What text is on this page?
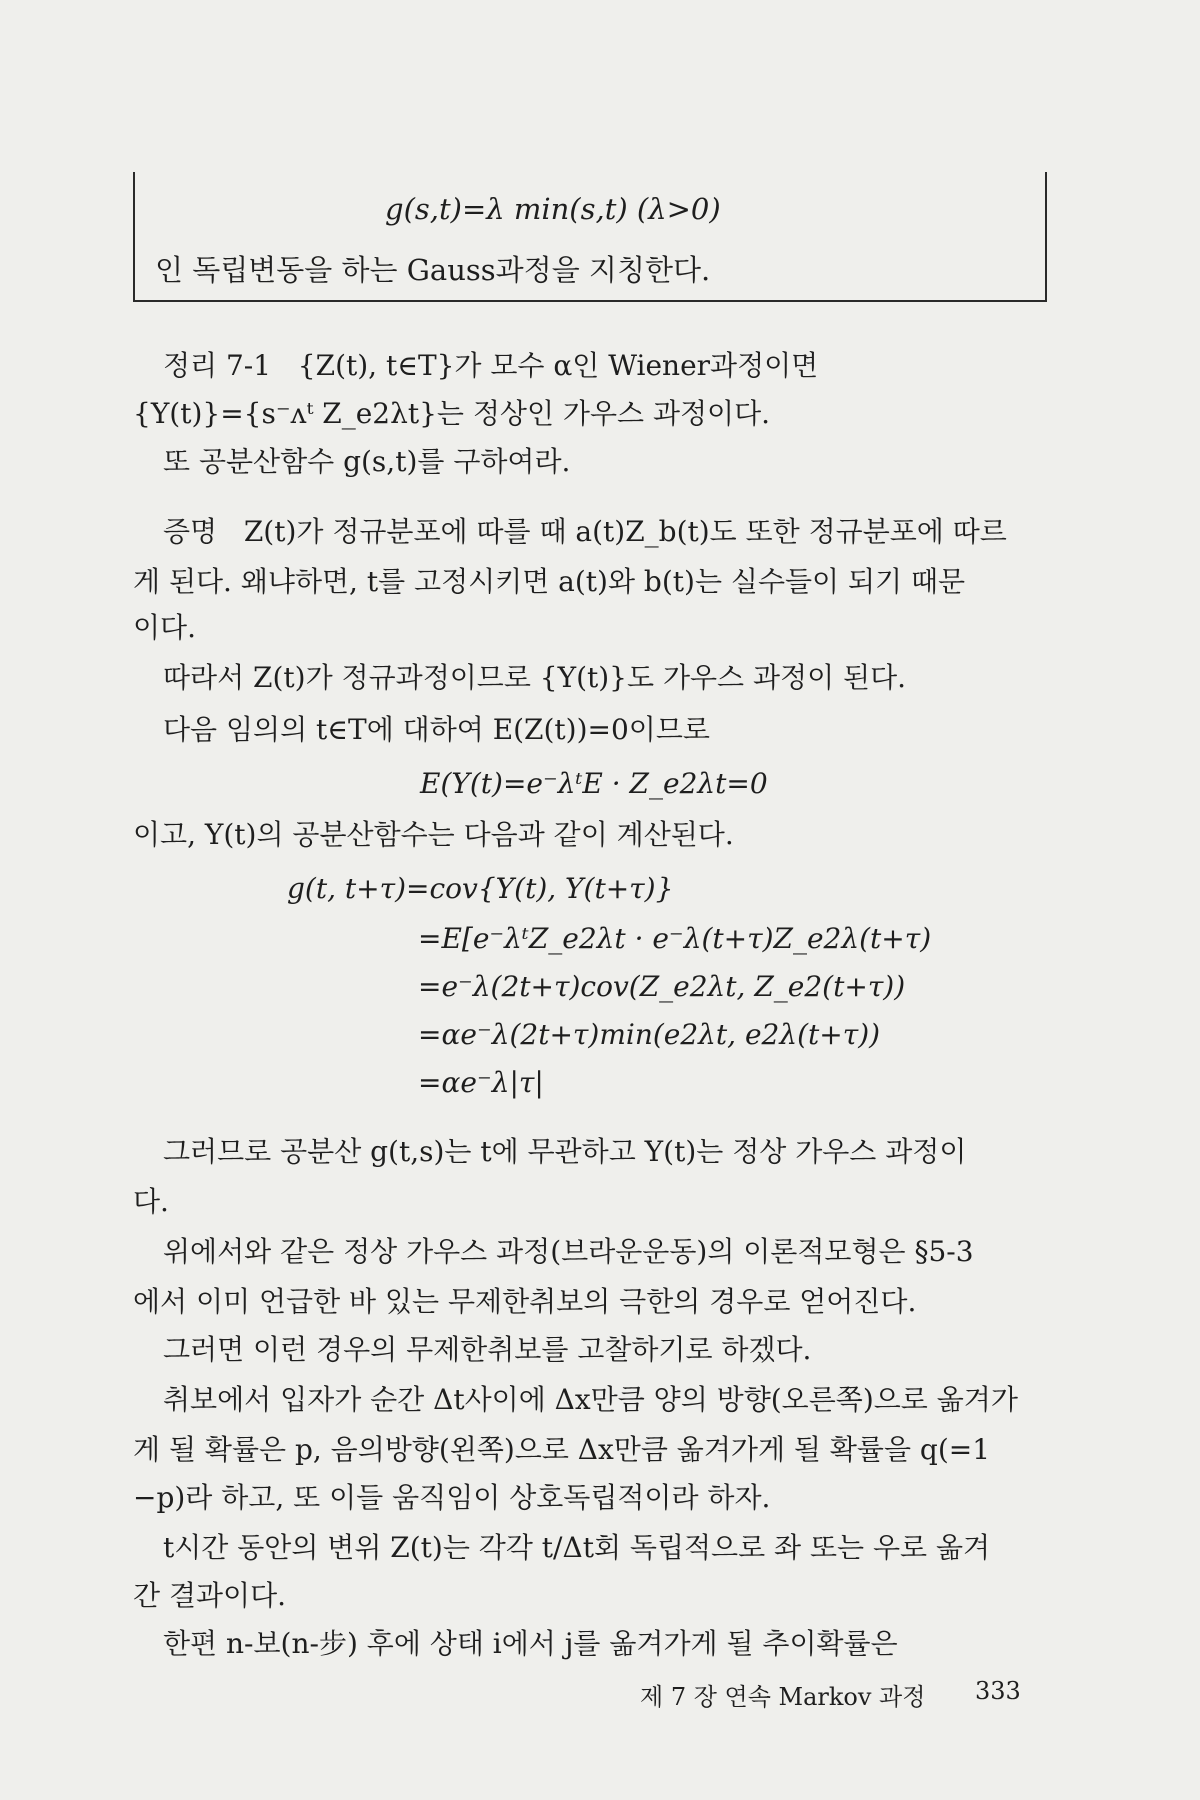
g(s,t)=λ min(s,t) (λ>0)
인 독립변동을 하는 Gauss과정을 지칭한다.
정리 7-1 {Z(t), t∈T}가 모수 α인 Wiener과정이면
{Y(t)}={s⁻ᴧᵗ Z_e2λt}는 정상인 가우스 과정이다.
또 공분산함수 g(s,t)를 구하여라.
증명 Z(t)가 정규분포에 따를 때 a(t)Z_b(t)도 또한 정규분포에 따르
게 된다. 왜냐하면, t를 고정시키면 a(t)와 b(t)는 실수들이 되기 때문
이다.
따라서 Z(t)가 정규과정이므로 {Y(t)}도 가우스 과정이 된다.
다음 임의의 t∈T에 대하여 E(Z(t))=0이므로
E(Y(t)=e⁻λᵗE · Z_e2λt=0
이고, Y(t)의 공분산함수는 다음과 같이 계산된다.
g(t, t+τ)=cov{Y(t), Y(t+τ)}
=E[e⁻λᵗZ_e2λt · e⁻λ(t+τ)Z_e2λ(t+τ)
=e⁻λ(2t+τ)cov(Z_e2λt, Z_e2(t+τ))
=αe⁻λ(2t+τ)min(e2λt, e2λ(t+τ))
=αe⁻λ|τ|
그러므로 공분산 g(t,s)는 t에 무관하고 Y(t)는 정상 가우스 과정이
다.
위에서와 같은 정상 가우스 과정(브라운운동)의 이론적모형은 §5-3
에서 이미 언급한 바 있는 무제한취보의 극한의 경우로 얻어진다.
그러면 이런 경우의 무제한취보를 고찰하기로 하겠다.
취보에서 입자가 순간 Δt사이에 Δx만큼 양의 방향(오른쪽)으로 옮겨가
게 될 확률은 p, 음의방향(왼쪽)으로 Δx만큼 옮겨가게 될 확률을 q(=1
−p)라 하고, 또 이들 움직임이 상호독립적이라 하자.
t시간 동안의 변위 Z(t)는 각각 t/Δt회 독립적으로 좌 또는 우로 옮겨
간 결과이다.
한편 n-보(n-步) 후에 상태 i에서 j를 옮겨가게 될 추이확률은
제 7 장 연속 Markov 과정 333
